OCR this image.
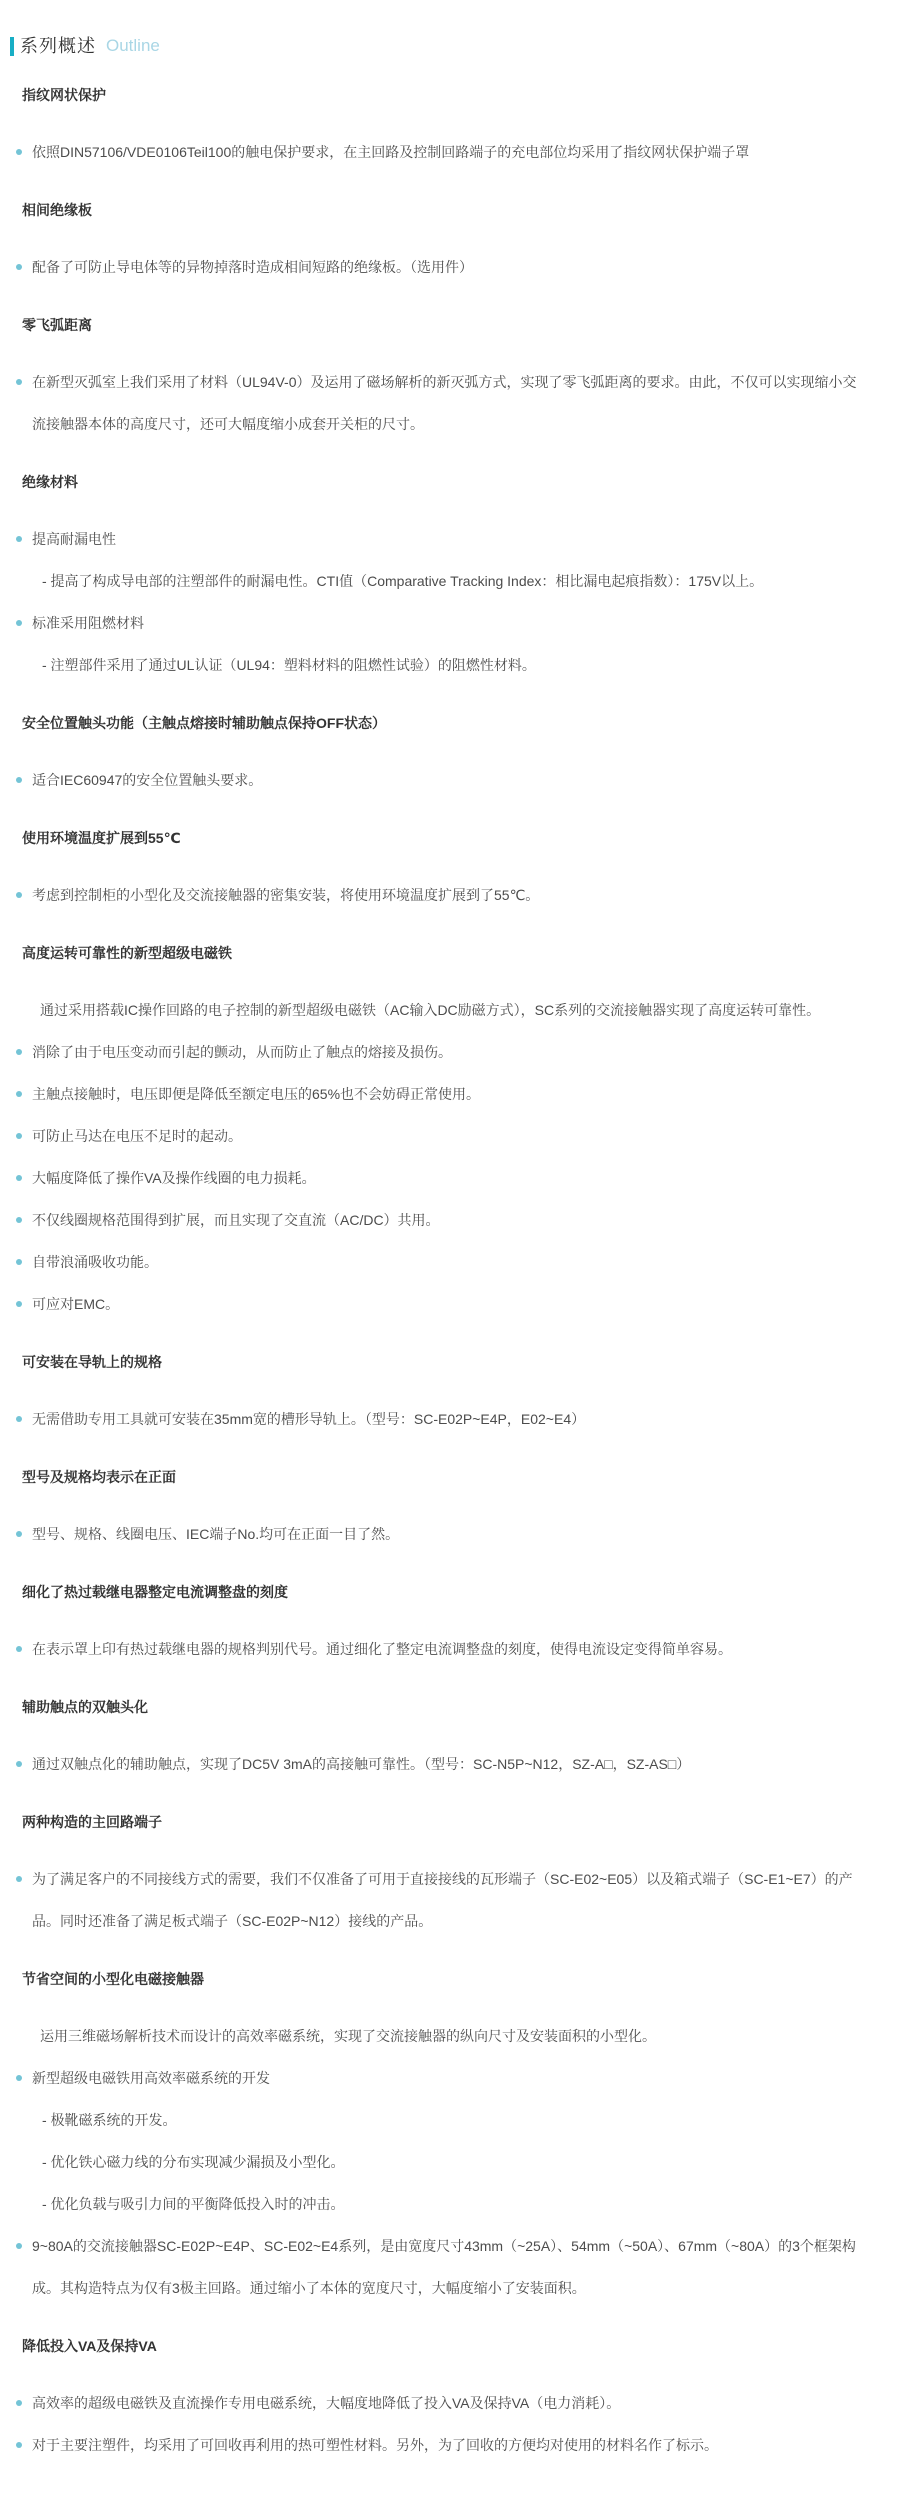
系列概述 Outline
指纹网状保护
依照DIN57106/VDE0106Teil100的触电保护要求，在主回路及控制回路端子的充电部位均采用了指纹网状保护端子罩
相间绝缘板
配备了可防止导电体等的异物掉落时造成相间短路的绝缘板。（选用件）
零飞弧距离
在新型灭弧室上我们采用了材料（UL94V-0）及运用了磁场解析的新灭弧方式，实现了零飞弧距离的要求。由此，不仅可以实现缩小交流接触器本体的高度尺寸，还可大幅度缩小成套开关柜的尺寸。
绝缘材料
提高耐漏电性
- 提高了构成导电部的注塑部件的耐漏电性。CTI值（Comparative Tracking Index：相比漏电起痕指数）：175V以上。
标准采用阻燃材料
- 注塑部件采用了通过UL认证（UL94：塑料材料的阻燃性试验）的阻燃性材料。
安全位置触头功能（主触点熔接时辅助触点保持OFF状态）
适合IEC60947的安全位置触头要求。
使用环境温度扩展到55℃
考虑到控制柜的小型化及交流接触器的密集安装，将使用环境温度扩展到了55℃。
高度运转可靠性的新型超级电磁铁
通过采用搭载IC操作回路的电子控制的新型超级电磁铁（AC输入DC励磁方式），SC系列的交流接触器实现了高度运转可靠性。
消除了由于电压变动而引起的颤动，从而防止了触点的熔接及损伤。
主触点接触时，电压即便是降低至额定电压的65%也不会妨碍正常使用。
可防止马达在电压不足时的起动。
大幅度降低了操作VA及操作线圈的电力损耗。
不仅线圈规格范围得到扩展，而且实现了交直流（AC/DC）共用。
自带浪涌吸收功能。
可应对EMC。
可安装在导轨上的规格
无需借助专用工具就可安装在35mm宽的槽形导轨上。（型号：SC-E02P~E4P，E02~E4）
型号及规格均表示在正面
型号、规格、线圈电压、IEC端子No.均可在正面一目了然。
细化了热过载继电器整定电流调整盘的刻度
在表示罩上印有热过载继电器的规格判别代号。通过细化了整定电流调整盘的刻度，使得电流设定变得简单容易。
辅助触点的双触头化
通过双触点化的辅助触点，实现了DC5V 3mA的高接触可靠性。（型号：SC-N5P~N12，SZ-A□，SZ-AS□）
两种构造的主回路端子
为了满足客户的不同接线方式的需要，我们不仅准备了可用于直接接线的瓦形端子（SC-E02~E05）以及箱式端子（SC-E1~E7）的产品。同时还准备了满足板式端子（SC-E02P~N12）接线的产品。
节省空间的小型化电磁接触器
运用三维磁场解析技术而设计的高效率磁系统，实现了交流接触器的纵向尺寸及安装面积的小型化。
新型超级电磁铁用高效率磁系统的开发
- 极靴磁系统的开发。
- 优化铁心磁力线的分布实现减少漏损及小型化。
- 优化负载与吸引力间的平衡降低投入时的冲击。
9~80A的交流接触器SC-E02P~E4P、SC-E02~E4系列，是由宽度尺寸43mm（~25A）、54mm（~50A）、67mm（~80A）的3个框架构成。其构造特点为仅有3极主回路。通过缩小了本体的宽度尺寸，大幅度缩小了安装面积。
降低投入VA及保持VA
高效率的超级电磁铁及直流操作专用电磁系统，大幅度地降低了投入VA及保持VA（电力消耗）。
对于主要注塑件，均采用了可回收再利用的热可塑性材料。另外，为了回收的方便均对使用的材料名作了标示。
